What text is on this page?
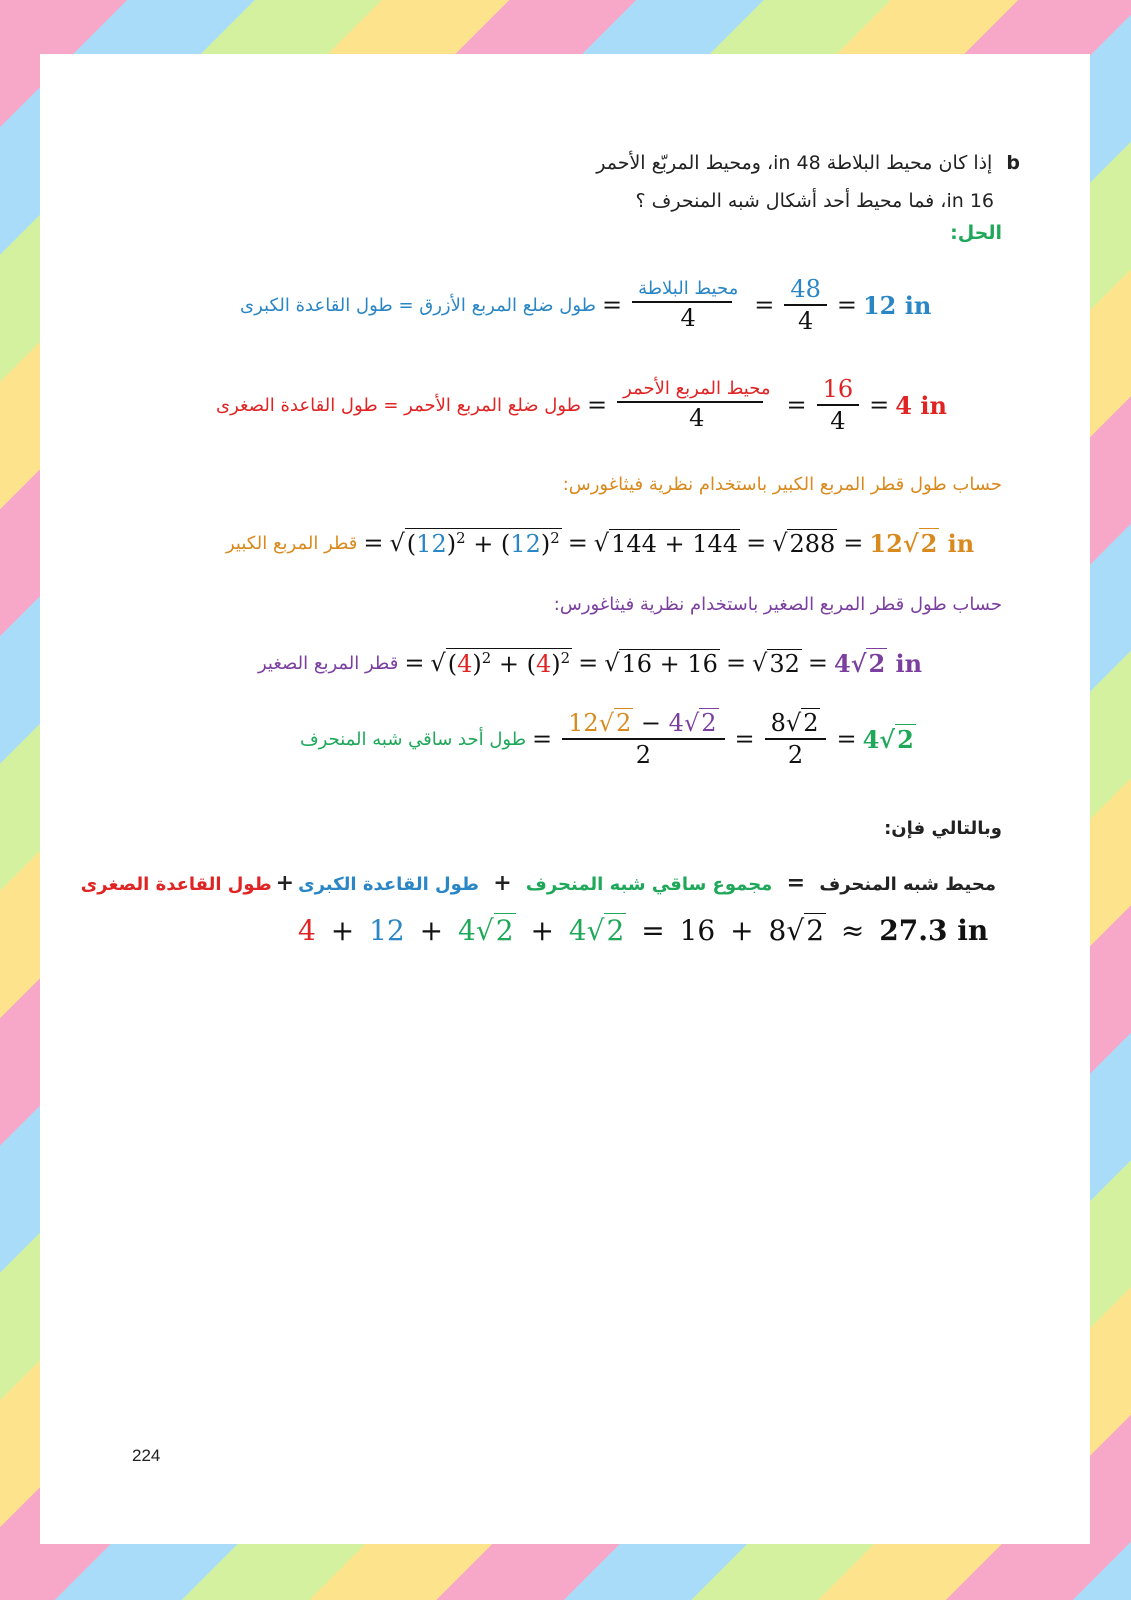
b إذا كان محيط البلاطة 48 in، ومحيط المربّع الأحمر
16 in، فما محيط أحد أشكال شبه المنحرف ؟
الحل:
طول ضلع المربع الأزرق = طول القاعدة الكبرى = $\frac{\text{محيط البلاطة}}{4} = \frac{48}{4} = 12$ in
طول ضلع المربع الأحمر = طول القاعدة الصغرى = $\frac{\text{محيط المربع الأحمر}}{4} = \frac{16}{4} = 4$ in
حساب طول قطر المربع الكبير باستخدام نظرية فيثاغورس:
قطر المربع الكبير = √ $(12)^2 + (12)^2$ = √ 144 + 144 = √ 288 = 12√2 in
حساب طول قطر المربع الصغير باستخدام نظرية فيثاغورس:
قطر المربع الصغير = √ $(4)^2 + (4)^2$ = √ 16 + 16 = √ 32 = 4√2 in
طول أحد ساقي شبه المنحرف = $\frac{12√2 - 4√2}{2} = \frac{8√2}{2} = 4√2$
وبالتالي فإن:
محيط شبه المنحرف = مجموع ساقي شبه المنحرف + طول القاعدة الكبرى+طول القاعدة الصغرى
4 + 12 + 4√2 + 4√2 = 16 + 8√2 ≈ 27.3 in
224
